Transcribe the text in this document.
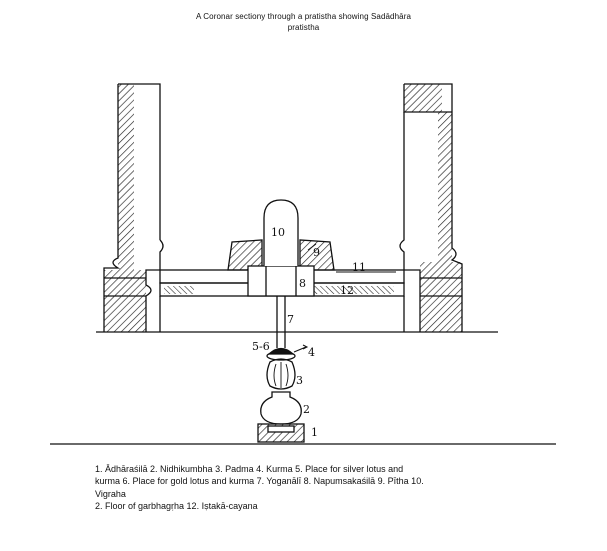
A Coronar sectiony through a pratistha showing Sadādhāra
pratistha
10
9
11
8
12
7
5-6	4
3
2
1

1. Ādhāraśilā 2. Nidhikumbha 3. Padma 4. Kurma 5. Place for silver lotus and

kurma 6. Place for gold lotus and kurma 7. Yoganālī 8. Napumsakaśilā 9. Pītha 10.

Vigraha

2. Floor of garbhagṛha 12. Iṣtakā-cayana
